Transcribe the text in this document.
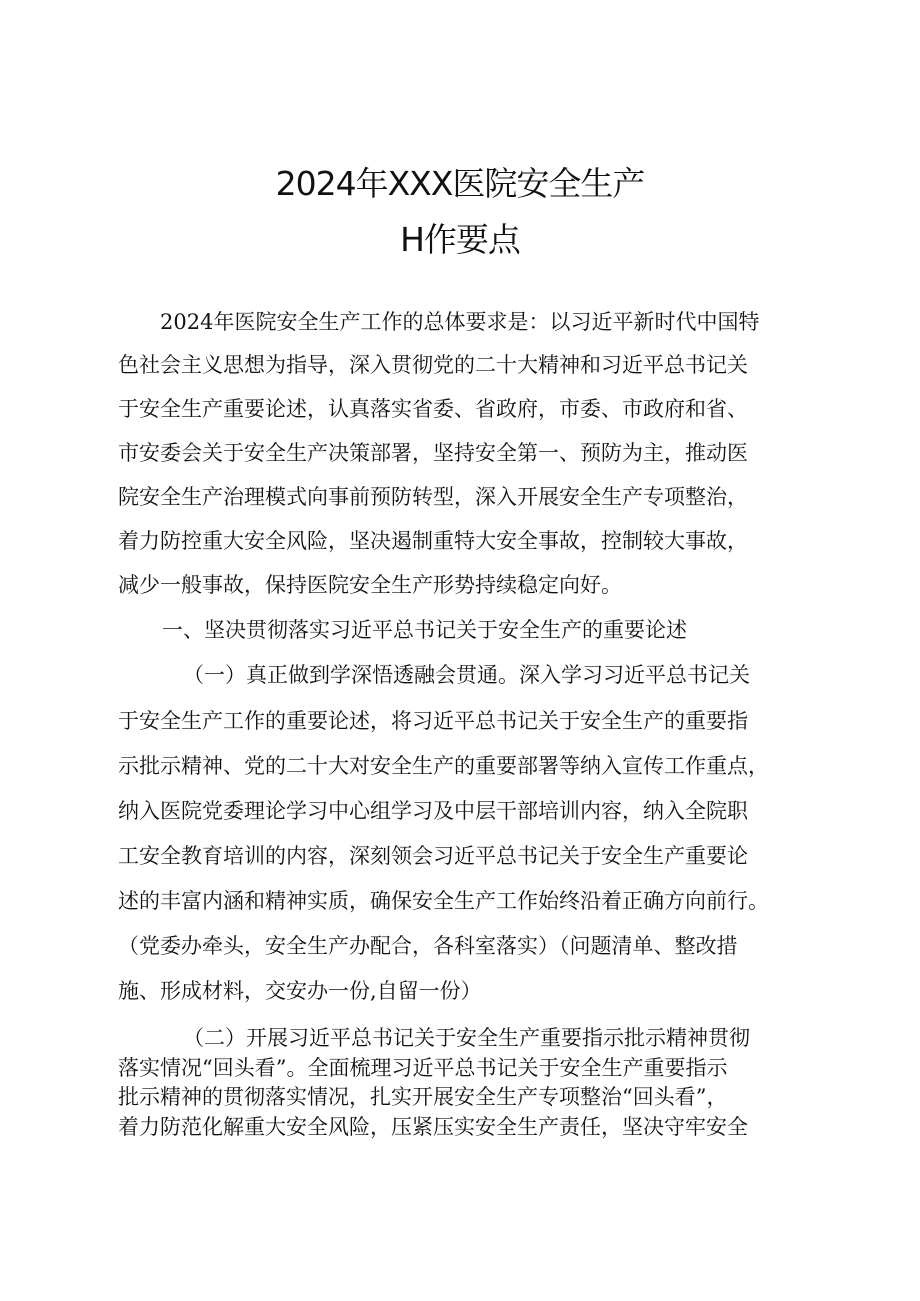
2024年XXX医院安全生产
H作要点
2024年医院安全生产工作的总体要求是：以习近平新时代中国特
色社会主义思想为指导，深入贯彻党的二十大精神和习近平总书记关
于安全生产重要论述，认真落实省委、省政府，市委、市政府和省、
市安委会关于安全生产决策部署，坚持安全第一、预防为主，推动医
院安全生产治理模式向事前预防转型，深入开展安全生产专项整治，
着力防控重大安全风险，坚决遏制重特大安全事故，控制较大事故，
减少一般事故，保持医院安全生产形势持续稳定向好。
一、坚决贯彻落实习近平总书记关于安全生产的重要论述
（一）真正做到学深悟透融会贯通。深入学习习近平总书记关
于安全生产工作的重要论述，将习近平总书记关于安全生产的重要指
示批示精神、党的二十大对安全生产的重要部署等纳入宣传工作重点，
纳入医院党委理论学习中心组学习及中层干部培训内容，纳入全院职
工安全教育培训的内容，深刻领会习近平总书记关于安全生产重要论
述的丰富内涵和精神实质，确保安全生产工作始终沿着正确方向前行。
（党委办牵头，安全生产办配合，各科室落实）（问题清单、整改措
施、形成材料，交安办一份,自留一份）
（二）开展习近平总书记关于安全生产重要指示批示精神贯彻
落实情况“回头看”。全面梳理习近平总书记关于安全生产重要指示
批示精神的贯彻落实情况，扎实开展安全生产专项整治“回头看”，
着力防范化解重大安全风险，压紧压实安全生产责任，坚决守牢安全
